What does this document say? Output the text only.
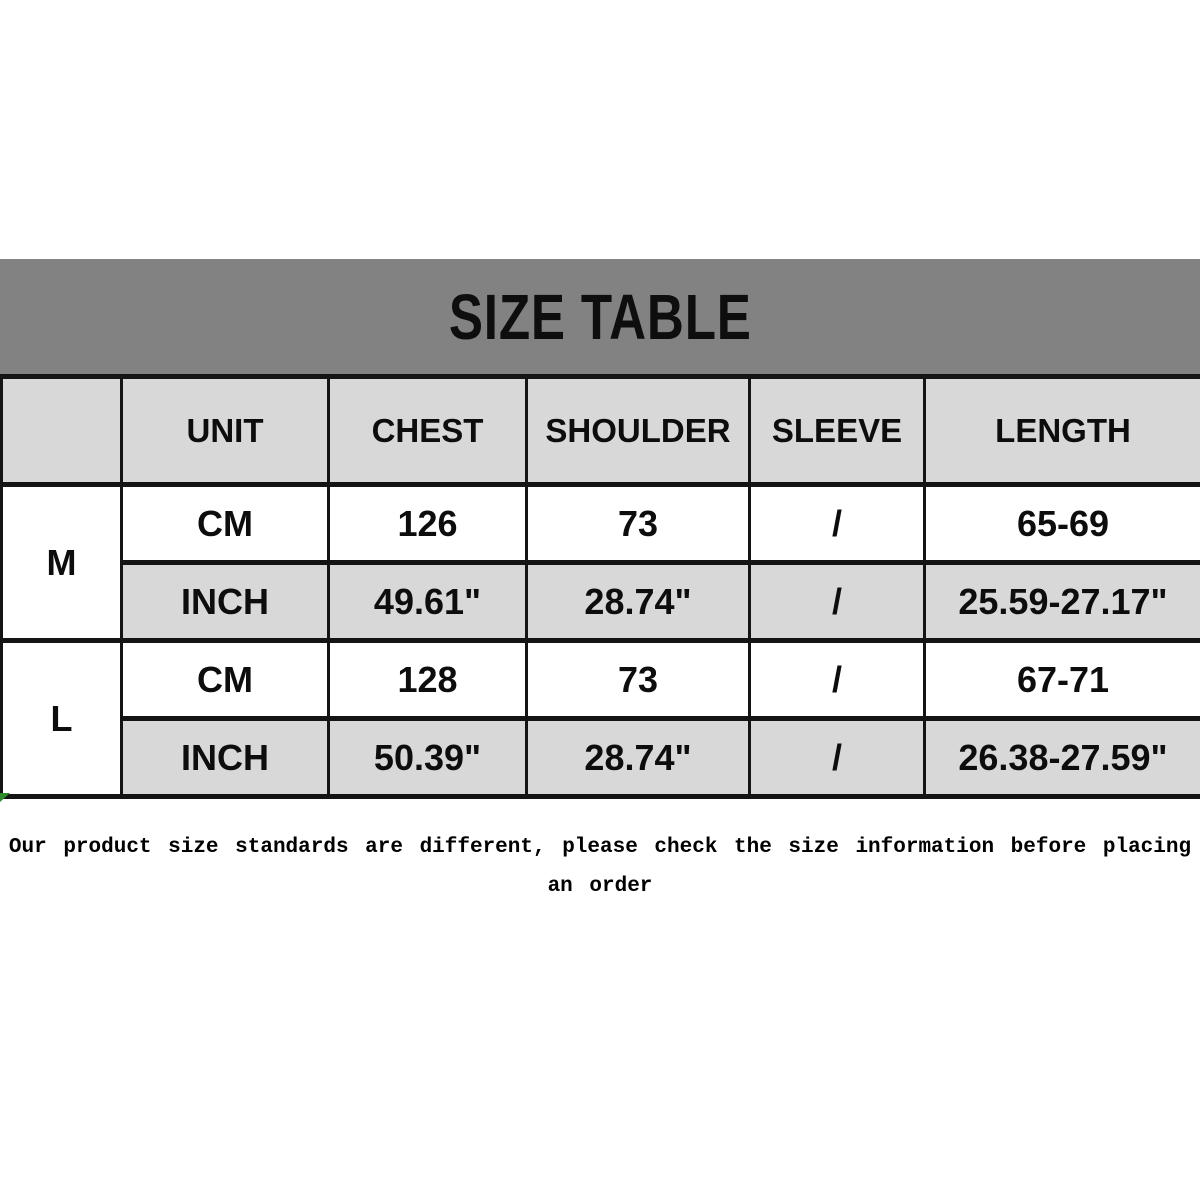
SIZE TABLE
	UNIT	CHEST	SHOULDER	SLEEVE	LENGTH
M	CM	126	73	/	65-69
	INCH	49.61"	28.74"	/	25.59-27.17"
L	CM	128	73	/	67-71
	INCH	50.39"	28.74"	/	26.38-27.59"
Our product size standards are different, please check the size information before placing
an order
